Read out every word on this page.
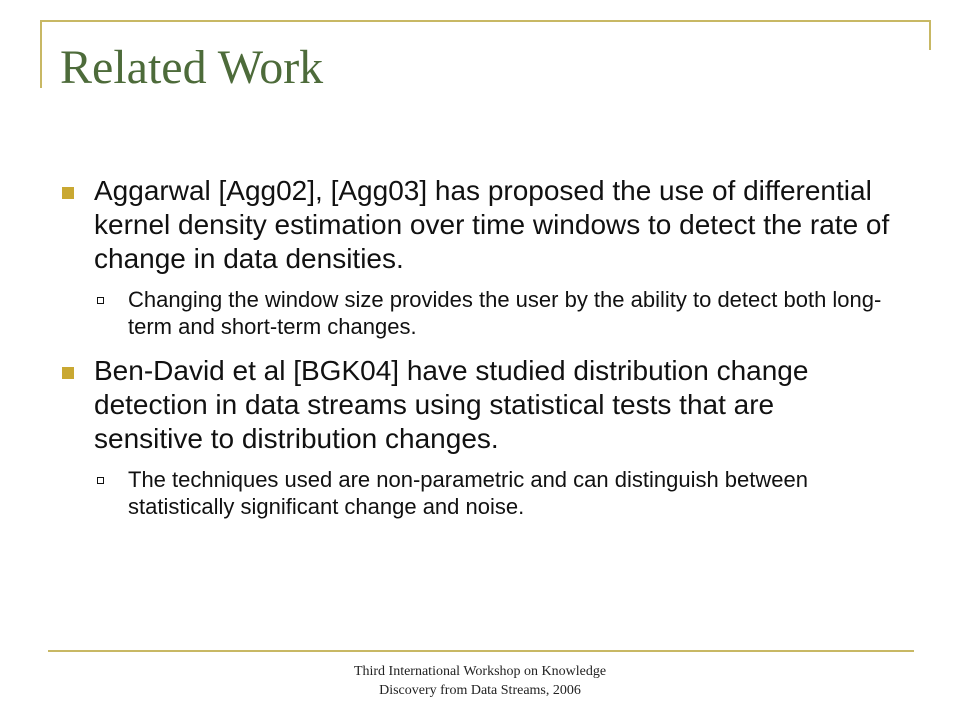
Related Work
Aggarwal [Agg02], [Agg03] has proposed the use of differential kernel density estimation over time windows to detect the rate of change in data densities.
Changing the window size provides the user by the ability to detect both long-term and short-term changes.
Ben-David et al [BGK04] have studied distribution change detection in data streams using statistical tests that are sensitive to distribution changes.
The techniques used are non-parametric and can distinguish between statistically significant change and noise.
Third International Workshop on Knowledge
Discovery from Data Streams, 2006
